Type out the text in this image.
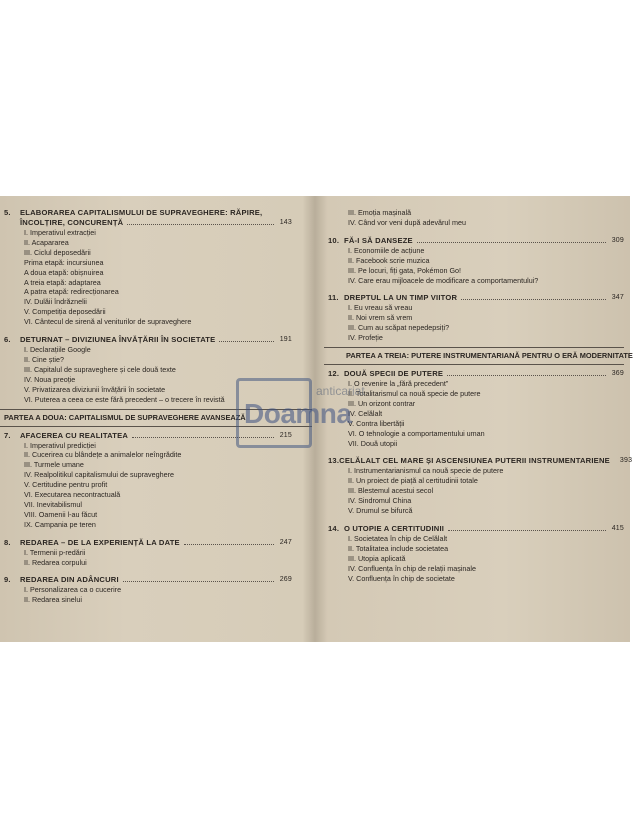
5.	ELABORAREA CAPITALISMULUI DE SUPRAVEGHERE: RĂPIRE,
ÎNCOLȚIRE, CONCURENȚĂ	143
I. Imperativul extracției
II. Acapararea
III. Ciclul deposedării
Prima etapă: incursiunea
A doua etapă: obișnuirea
A treia etapă: adaptarea
A patra etapă: redirecționarea
IV. Dulăii îndrăznelii
V. Competiția deposedării
VI. Cântecul de sirenă al veniturilor de supraveghere
6.	DETURNAT – DIVIZIUNEA ÎNVĂȚĂRII ÎN SOCIETATE	191
I. Declarațiile Google
II. Cine știe?
III. Capitalul de supraveghere și cele două texte
IV. Noua preoție
V. Privatizarea diviziunii învățării în societate
VI. Puterea a ceea ce este fără precedent – o trecere în revistă
PARTEA A DOUA: CAPITALISMUL DE SUPRAVEGHERE AVANSEAZĂ
7.	AFACEREA CU REALITATEA	215
I. Imperativul predicției
II. Cucerirea cu blândețe a animalelor neîngrădite
III. Turmele umane
IV. Realpolitikul capitalismului de supraveghere
V. Certitudine pentru profit
VI. Executarea necontractuală
VII. Inevitabilismul
VIII. Oamenii l-au făcut
IX. Campania pe teren
8.	REDAREA – DE LA EXPERIENȚĂ LA DATE	247
I. Termenii p-redării
II. Redarea corpului
9.	REDAREA DIN ADÂNCURI	269
I. Personalizarea ca o cucerire
II. Redarea sinelui
III. Emoția mașinală
IV. Când vor veni după adevărul meu
10. FĂ-I SĂ DANSEZE	309
I. Economiile de acțiune
II. Facebook scrie muzica
III. Pe locuri, fiți gata, Pokémon Go!
IV. Care erau mijloacele de modificare a comportamentului?
11. DREPTUL LA UN TIMP VIITOR	347
I. Eu vreau să vreau
II. Noi vrem să vrem
III. Cum au scăpat nepedepsiți?
IV. Profeție
PARTEA A TREIA: PUTERE INSTRUMENTARIANĂ PENTRU O ERĂ MODERNITATE
12. DOUĂ SPECII DE PUTERE	369
I. O revenire la „fără precedent”
II. Totalitarismul ca nouă specie de putere
III. Un orizont contrar
IV. Celălalt
V. Contra libertății
VI. O tehnologie a comportamentului uman
VII. Două utopii
13. CELĂLALT CEL MARE ȘI ASCENSIUNEA PUTERII INSTRUMENTARIENE 393
I. Instrumentarianismul ca nouă specie de putere
II. Un proiect de piață al certitudinii totale
III. Blestemul acestui secol
IV. Sindromul China
V. Drumul se bifurcă
14. O UTOPIE A CERTITUDINII	415
I. Societatea în chip de Celălalt
II. Totalitatea include societatea
III. Utopia aplicată
IV. Confluența în chip de relații mașinale
V. Confluența în chip de societate
anticariat
Doamna
